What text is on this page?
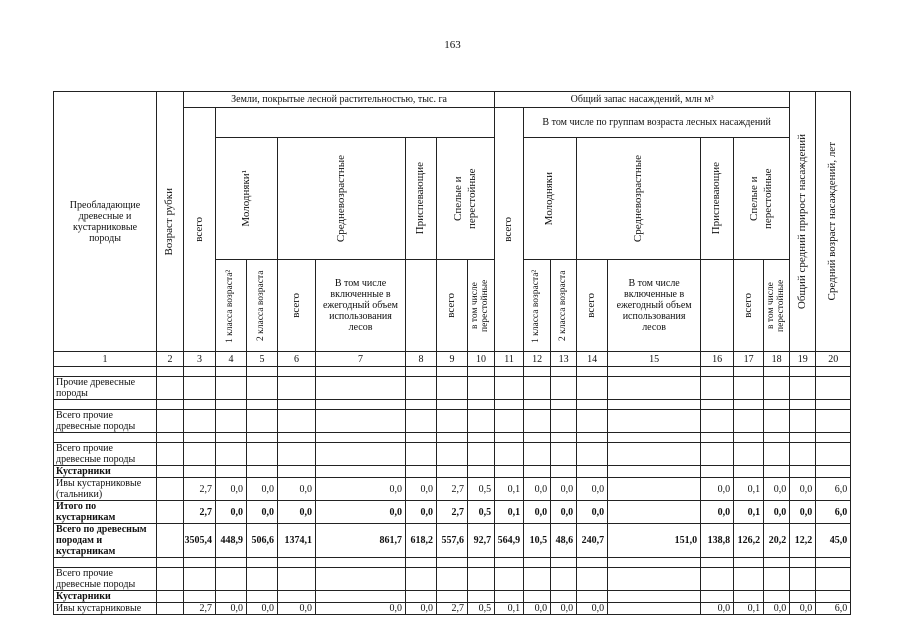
163
Преобладающие древесные и кустарниковые породы	Возраст рубки	Земли, покрытые лесной растительностью, тыс. га								Общий запас насаждений, млн м³								Общий средний прирост насаждений	Средний возраст насаждений, лет

		всего								всего	В том числе по группам возраста лесных насаждений								

			Молодняки¹		Средневозрастные		Приспевающие	Спелые и перестойные			Молодняки		Средневозрастные		Приспевающие	Спелые и перестойные			

			1 класса возраста²	2 класса возраста	всего	В том числе включенные в ежегодный объем использования лесов		всего	в том числе перестойные		1 класса возраста²	2 класса возраста	всего	В том числе включенные в ежегодный объем использования лесов		всего	в том числе перестойные		

1	2	3	4	5	6	7	8	9	10	11	12	13	14	15	16	17	18	19	20

Прочие древесные породы																			

Всего прочие древесные породы																			

Всего прочие древесные породы																			
Кустарники																			
Ивы кустарниковые (тальники)		2,7	0,0	0,0	0,0	0,0	0,0	2,7	0,5	0,1	0,0	0,0	0,0		0,0	0,1	0,0	0,0	6,0
Итого по кустарникам		2,7	0,0	0,0	0,0	0,0	0,0	2,7	0,5	0,1	0,0	0,0	0,0		0,0	0,1	0,0	0,0	6,0
Всего по древесным породам и кустарникам		3505,4	448,9	506,6	1374,1	861,7	618,2	557,6	92,7	564,9	10,5	48,6	240,7	151,0	138,8	126,2	20,2	12,2	45,0

Всего прочие древесные породы																			
Кустарники																			
Ивы кустарниковые		2,7	0,0	0,0	0,0	0,0	0,0	2,7	0,5	0,1	0,0	0,0	0,0		0,0	0,1	0,0	0,0	6,0
